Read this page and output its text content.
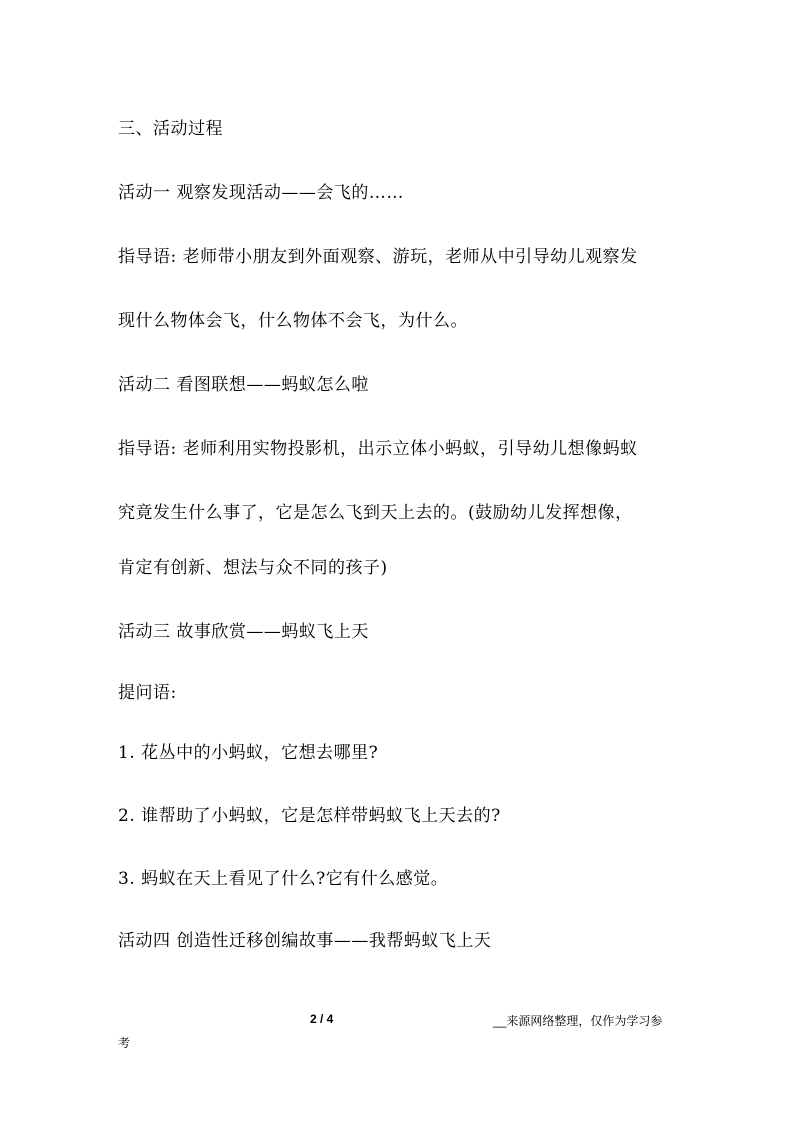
三、活动过程
活动一 观察发现活动——会飞的……
指导语: 老师带小朋友到外面观察、游玩，老师从中引导幼儿观察发
现什么物体会飞，什么物体不会飞，为什么。
活动二 看图联想——蚂蚁怎么啦
指导语: 老师利用实物投影机，出示立体小蚂蚁，引导幼儿想像蚂蚁
究竟发生什么事了，它是怎么飞到天上去的。(鼓励幼儿发挥想像，
肯定有创新、想法与众不同的孩子)
活动三 故事欣赏——蚂蚁飞上天
提问语:
1. 花丛中的小蚂蚁，它想去哪里?
2. 谁帮助了小蚂蚁，它是怎样带蚂蚁飞上天去的?
3. 蚂蚁在天上看见了什么?它有什么感觉。
活动四 创造性迁移创编故事——我帮蚂蚁飞上天
2 / 4	__来源网络整理，仅作为学习参
考
